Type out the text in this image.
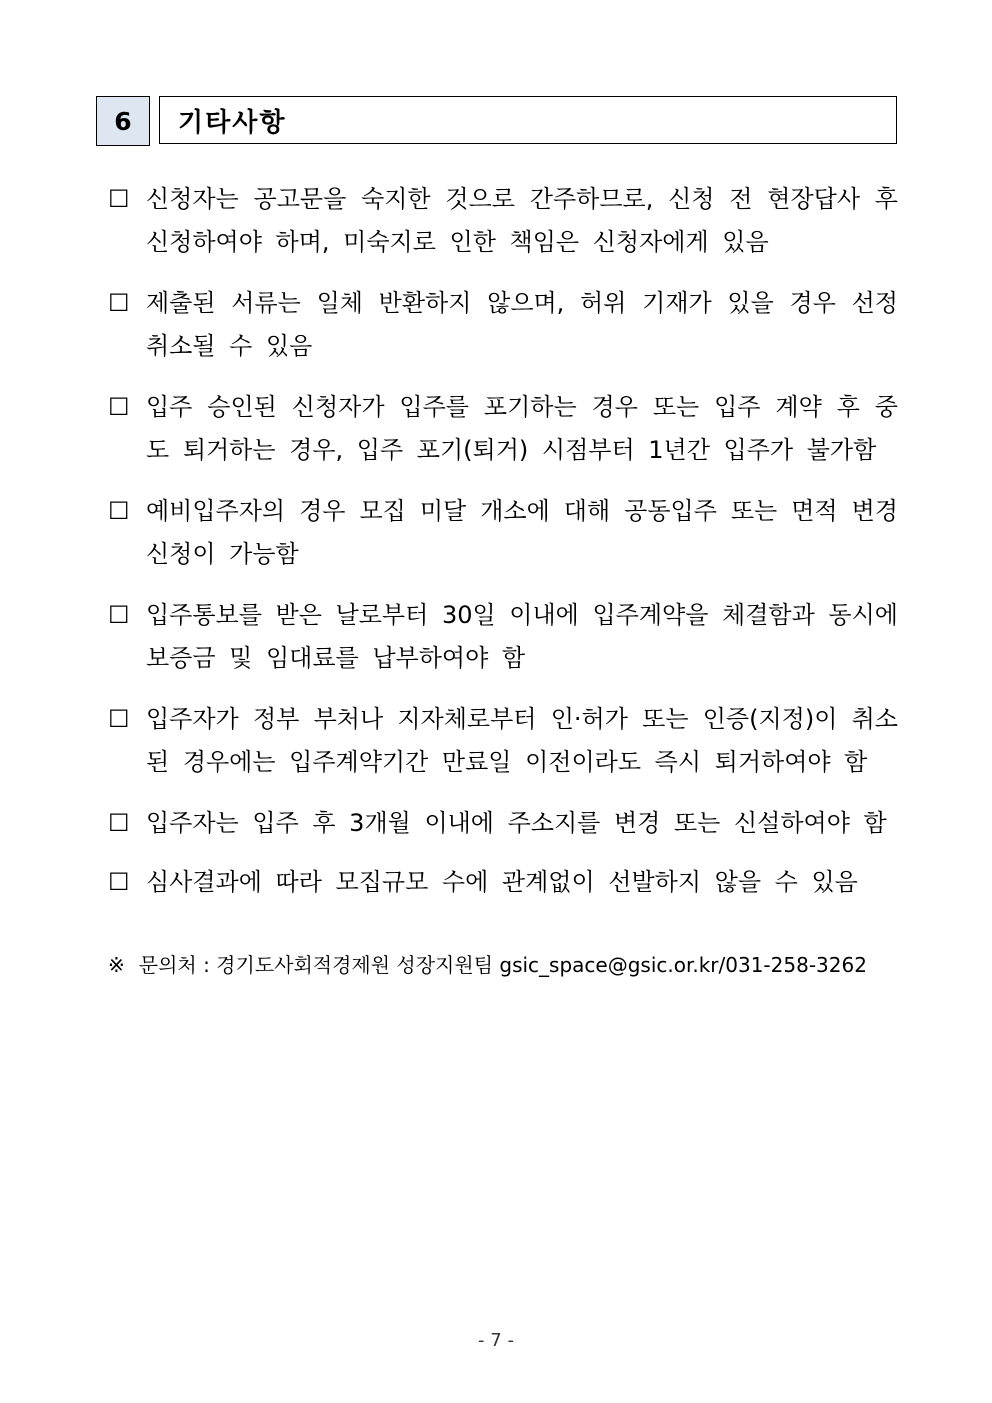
6	기타사항
☐ 신청자는 공고문을 숙지한 것으로 간주하므로, 신청 전 현장답사 후 신청하여야 하며, 미숙지로 인한 책임은 신청자에게 있음
☐ 제출된 서류는 일체 반환하지 않으며, 허위 기재가 있을 경우 선정 취소될 수 있음
☐ 입주 승인된 신청자가 입주를 포기하는 경우 또는 입주 계약 후 중도 퇴거하는 경우, 입주 포기(퇴거) 시점부터 1년간 입주가 불가함
☐ 예비입주자의 경우 모집 미달 개소에 대해 공동입주 또는 면적 변경 신청이 가능함
☐ 입주통보를 받은 날로부터 30일 이내에 입주계약을 체결함과 동시에 보증금 및 임대료를 납부하여야 함
☐ 입주자가 정부 부처나 지자체로부터 인·허가 또는 인증(지정)이 취소된 경우에는 입주계약기간 만료일 이전이라도 즉시 퇴거하여야 함
☐ 입주자는 입주 후 3개월 이내에 주소지를 변경 또는 신설하여야 함
☐ 심사결과에 따라 모집규모 수에 관계없이 선발하지 않을 수 있음
※ 문의처 : 경기도사회적경제원 성장지원팀 gsic_space@gsic.or.kr/031-258-3262
- 7 -
